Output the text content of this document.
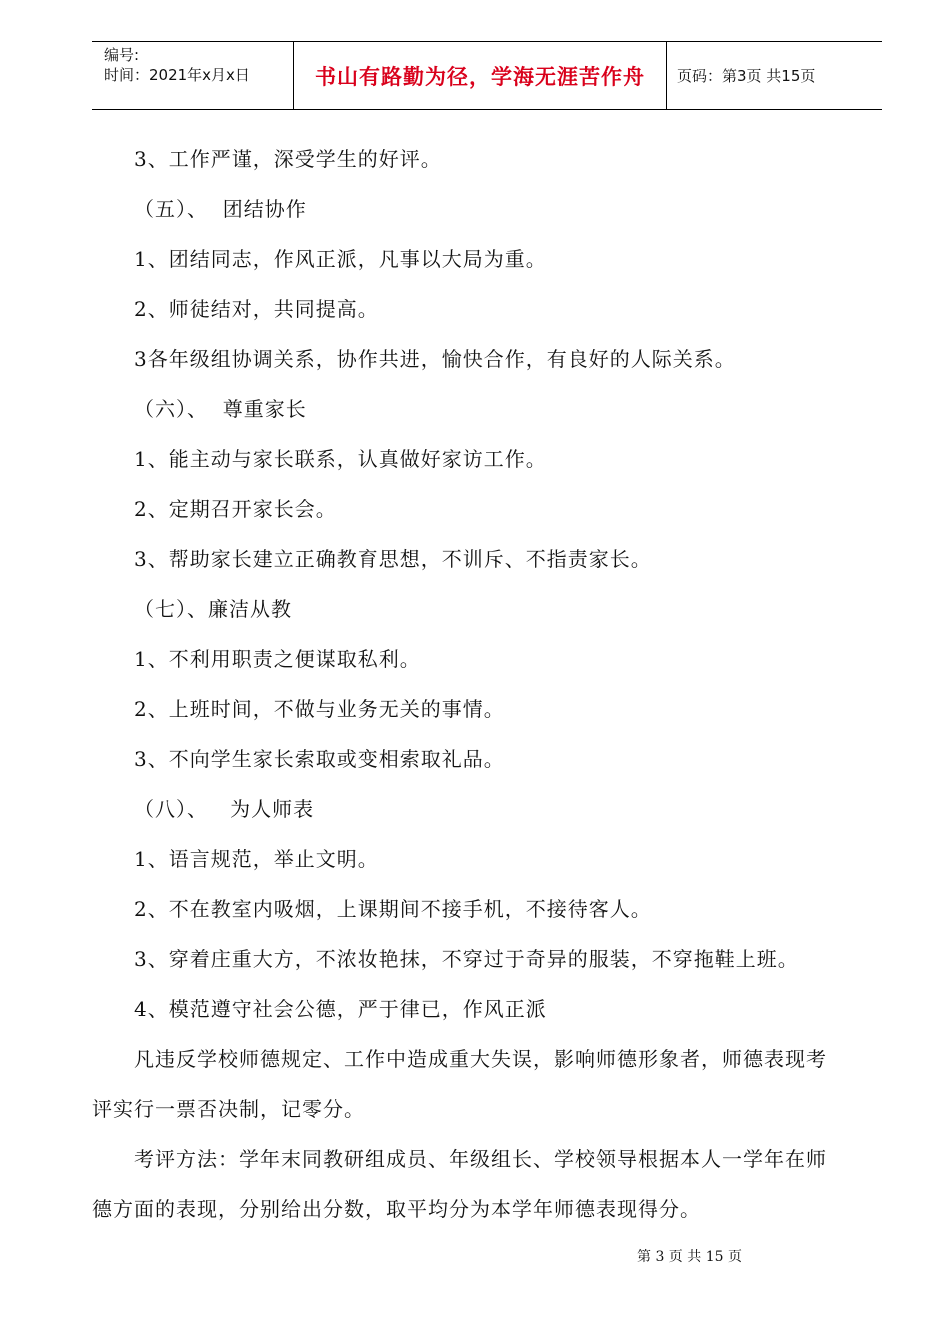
编号:
时间：2021年x月x日	书山有路勤为径，学海无涯苦作舟	页码：第3页 共15页
3、工作严谨，深受学生的好评。
（五）、  团结协作
1、团结同志，作风正派，凡事以大局为重。
2、师徒结对，共同提高。
3各年级组协调关系，协作共进，愉快合作，有良好的人际关系。
（六）、  尊重家长
1、能主动与家长联系，认真做好家访工作。
2、定期召开家长会。
3、帮助家长建立正确教育思想，不训斥、不指责家长。
（七）、廉洁从教
1、不利用职责之便谋取私利。
2、上班时间，不做与业务无关的事情。
3、不向学生家长索取或变相索取礼品。
（八）、   为人师表
1、语言规范，举止文明。
2、不在教室内吸烟，上课期间不接手机，不接待客人。
3、穿着庄重大方，不浓妆艳抹，不穿过于奇异的服装，不穿拖鞋上班。
4、模范遵守社会公德，严于律已，作风正派
凡违反学校师德规定、工作中造成重大失误，影响师德形象者，师德表现考
评实行一票否决制，记零分。
考评方法：学年末同教研组成员、年级组长、学校领导根据本人一学年在师
德方面的表现，分别给出分数，取平均分为本学年师德表现得分。
第 3 页 共 15 页
